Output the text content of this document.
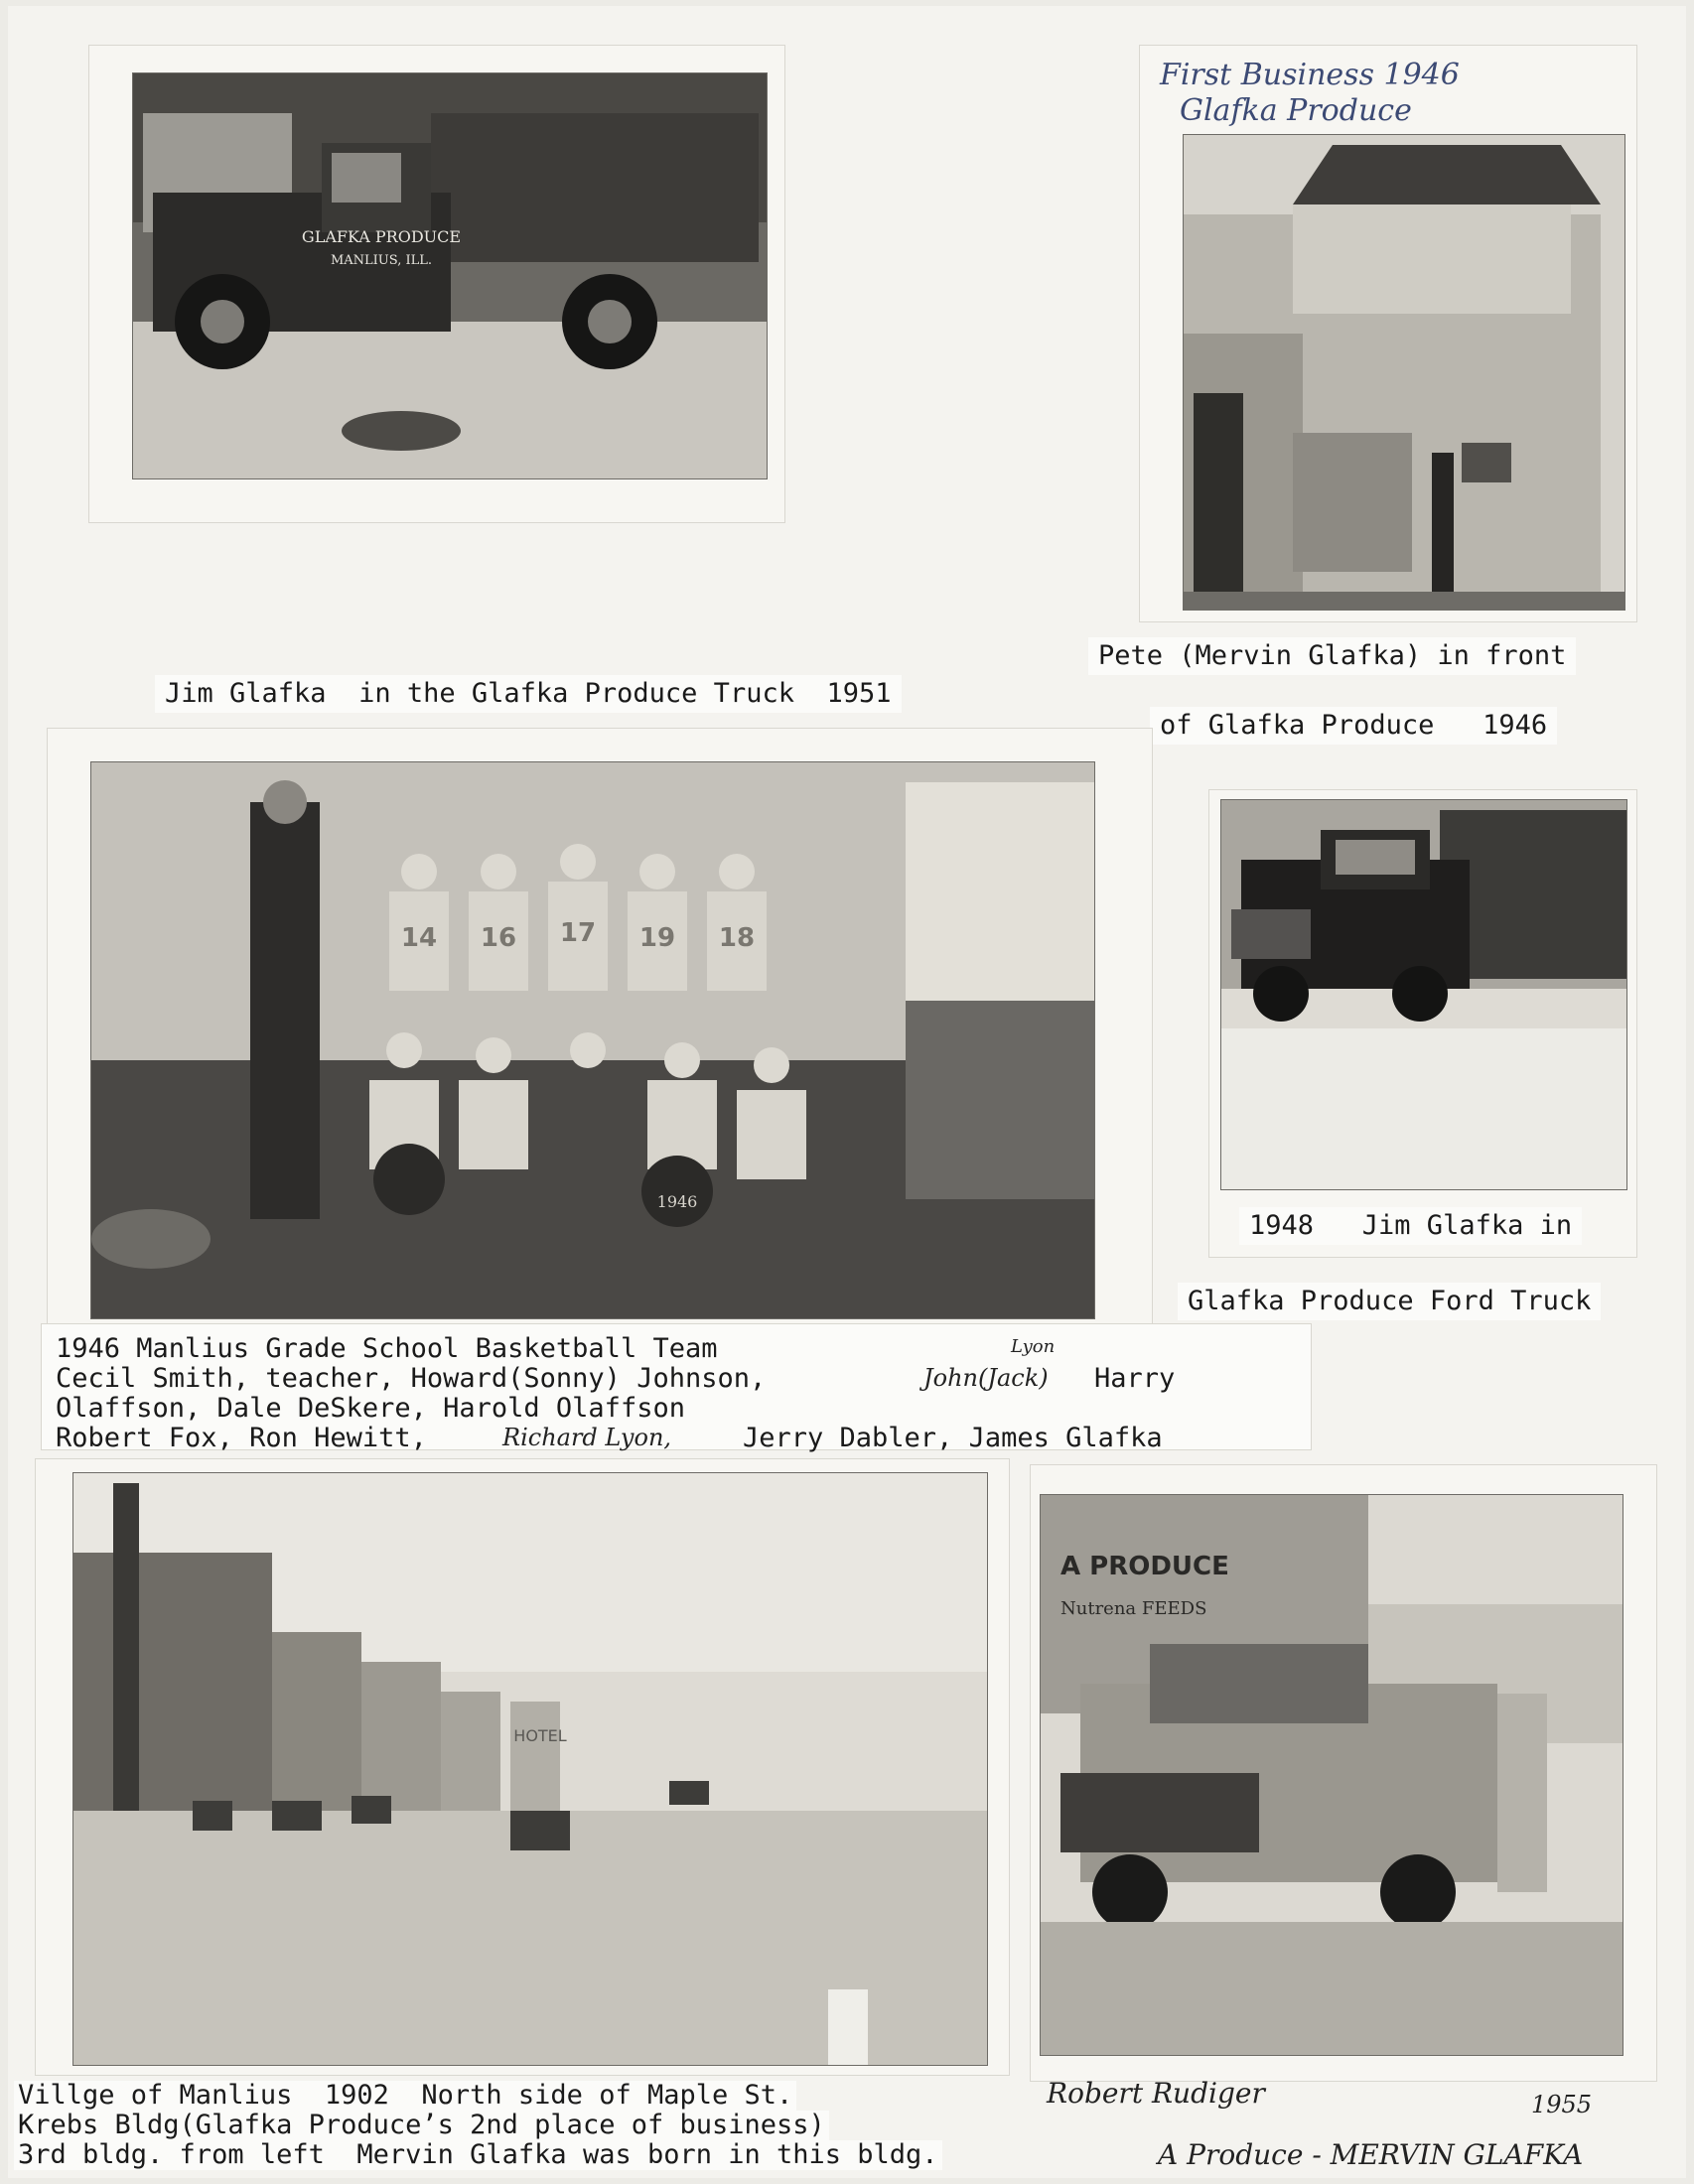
GLAFKA PRODUCE
MANLIUS, ILL.
Jim Glafka  in the Glafka Produce Truck  1951
First Business 1946
Glafka Produce
Pete (Mervin Glafka) in front
of Glafka Produce   1946
14 16 17 19 18
1946
1948   Jim Glafka in
Glafka Produce Ford Truck
1946 Manlius Grade School Basketball Team
Cecil Smith, teacher, Howard(Sonny) Johnson,	John(Jack)
Lyon
Harry
Olaffson, Dale DeSkere, Harold Olaffson
Robert Fox, Ron Hewitt,	Richard Lyon,	Jerry Dabler, James Glafka
HOTEL
Villge of Manlius  1902  North side of Maple St.
Krebs Bldg(Glafka Produce’s 2nd place of business)
3rd bldg. from left  Mervin Glafka was born in this bldg.
A PRODUCE
Nutrena FEEDS
Robert Rudiger	1955
A Produce - MERVIN GLAFKA
